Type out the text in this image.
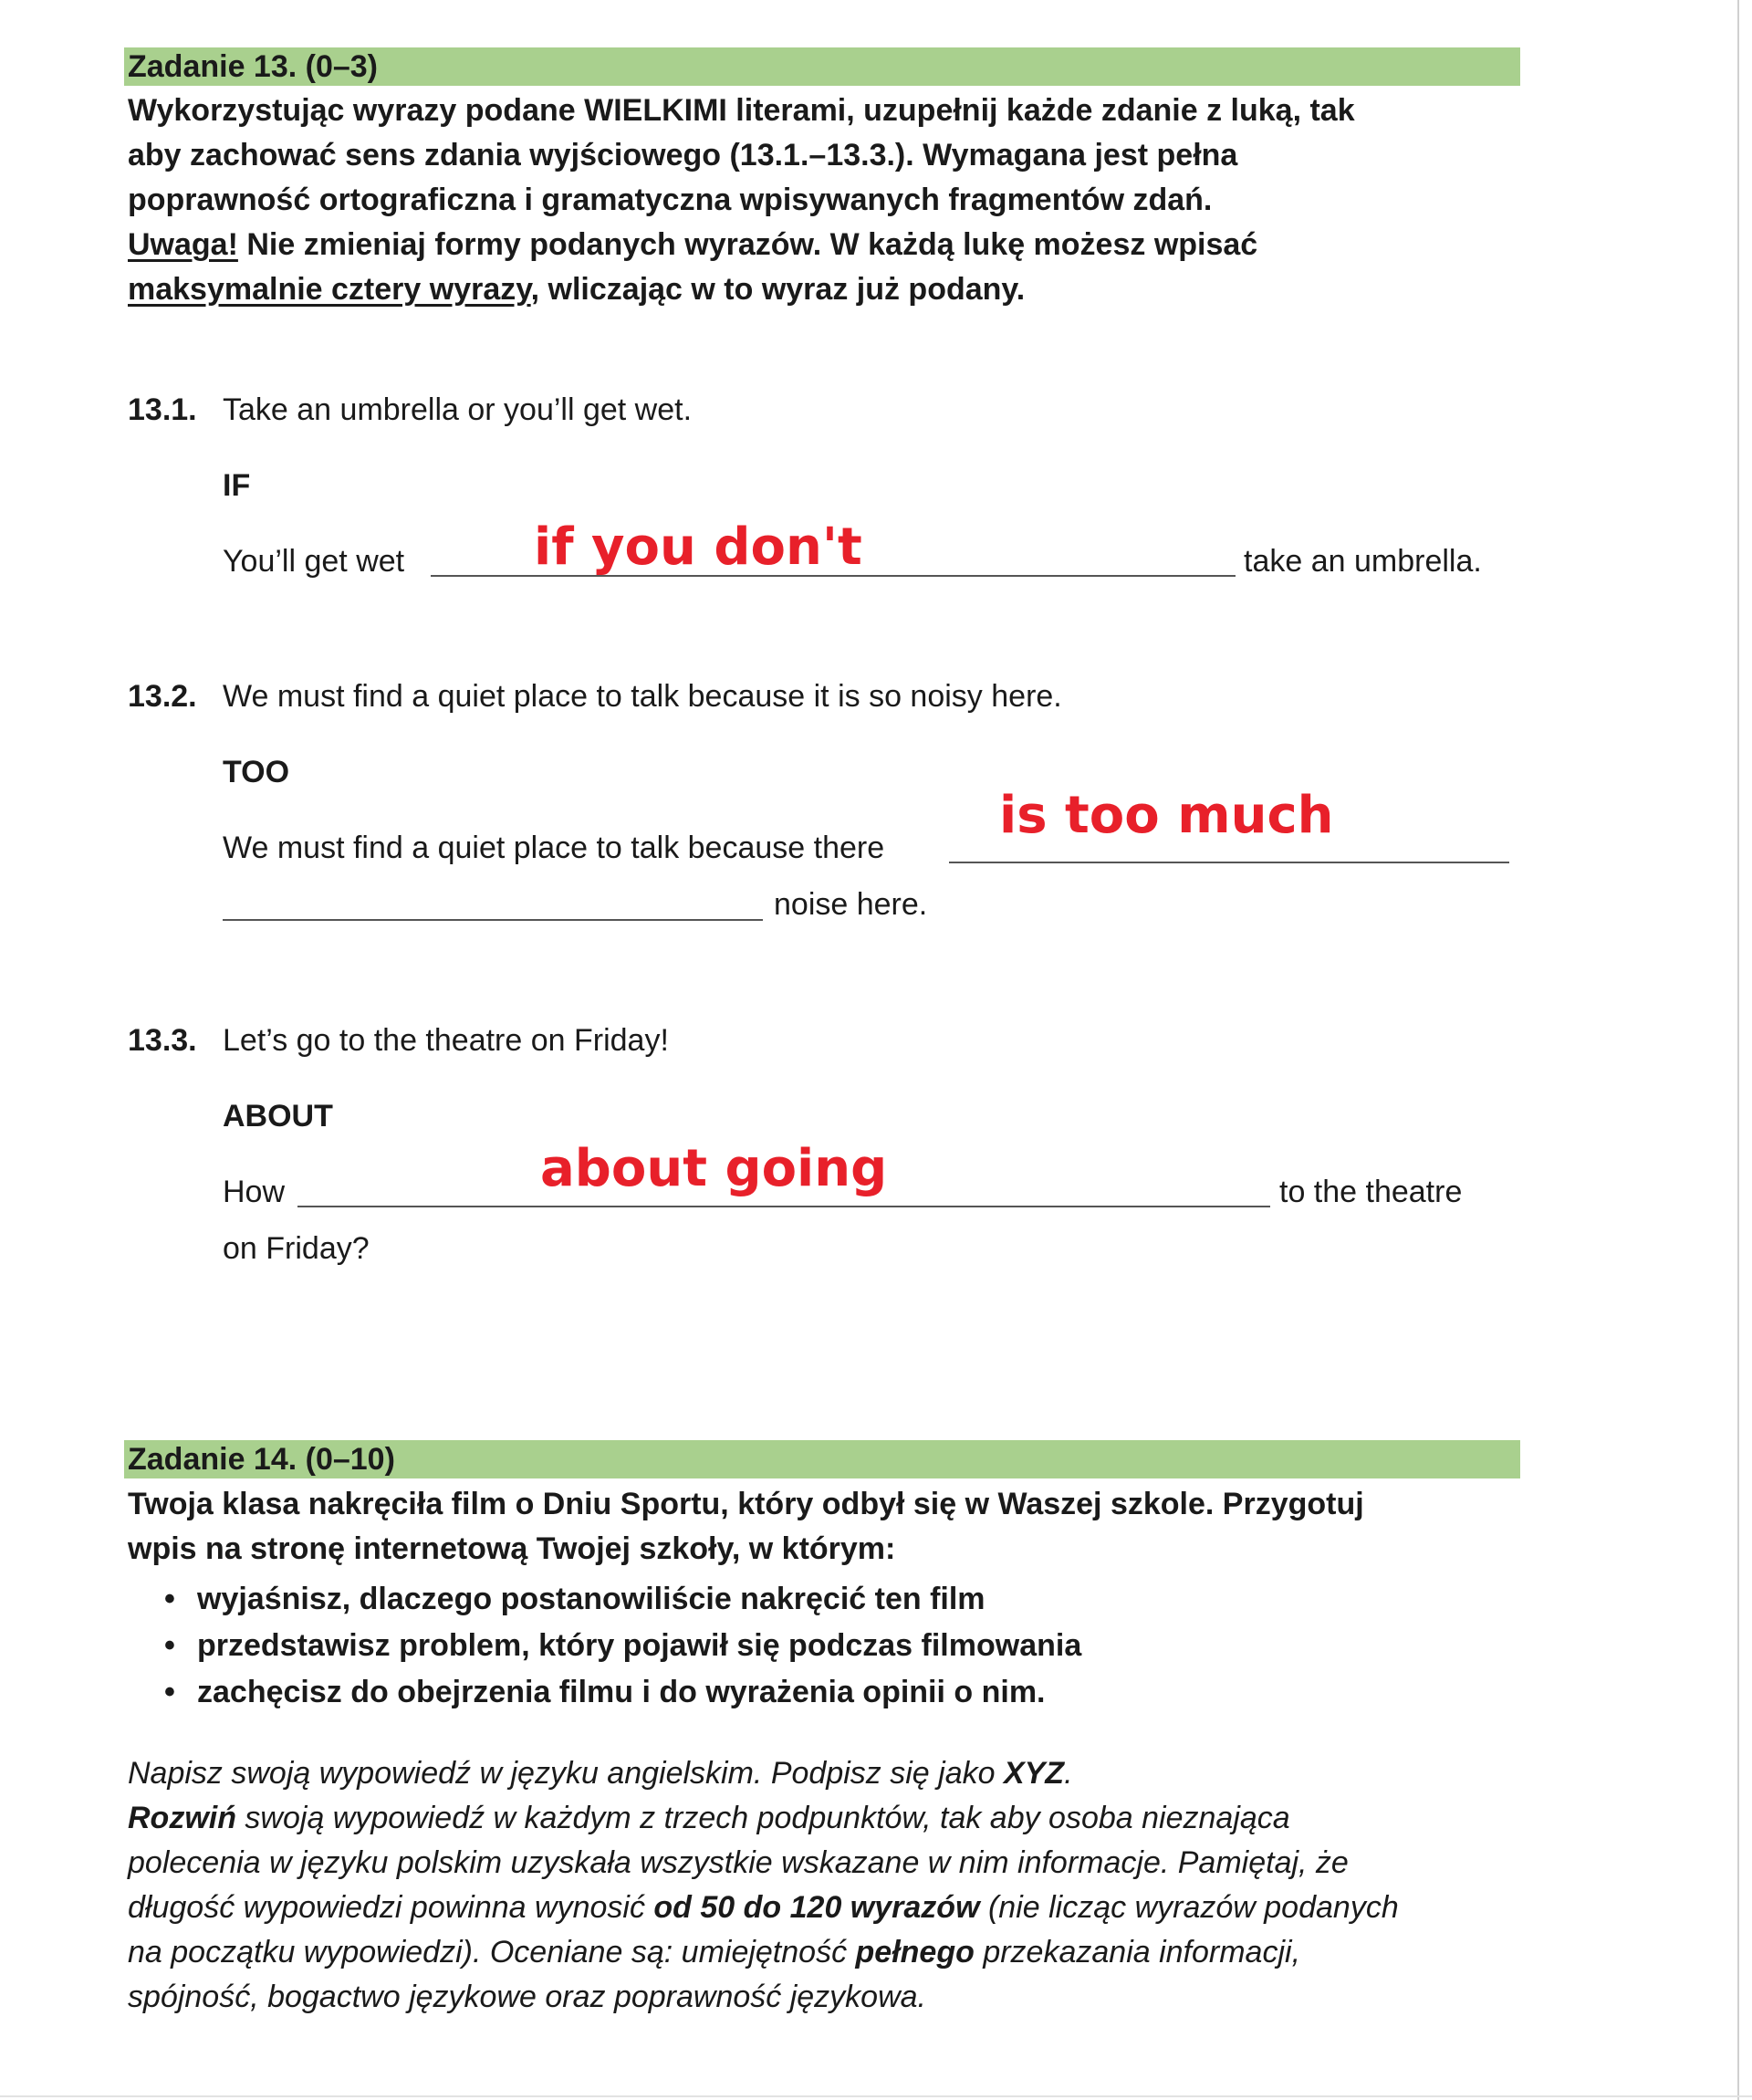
Zadanie 13. (0–3)
Wykorzystując wyrazy podane WIELKIMI literami, uzupełnij każde zdanie z luką, tak
aby zachować sens zdania wyjściowego (13.1.–13.3.). Wymagana jest pełna
poprawność ortograficzna i gramatyczna wpisywanych fragmentów zdań.
Uwaga! Nie zmieniaj formy podanych wyrazów. W każdą lukę możesz wpisać
maksymalnie cztery wyrazy, wliczając w to wyraz już podany.
13.1. Take an umbrella or you’ll get wet.
IF
You’ll get wet	if you don't	take an umbrella.
13.2. We must find a quiet place to talk because it is so noisy here.
TOO
We must find a quiet place to talk because there
is too much
noise here.
13.3. Let’s go to the theatre on Friday!
ABOUT
How	about going	to the theatre
on Friday?
Zadanie 14. (0–10)
Twoja klasa nakręciła film o Dniu Sportu, który odbył się w Waszej szkole. Przygotuj
wpis na stronę internetową Twojej szkoły, w którym:
• wyjaśnisz, dlaczego postanowiliście nakręcić ten film
• przedstawisz problem, który pojawił się podczas filmowania
• zachęcisz do obejrzenia filmu i do wyrażenia opinii o nim.
Napisz swoją wypowiedź w języku angielskim. Podpisz się jako XYZ.
Rozwiń swoją wypowiedź w każdym z trzech podpunktów, tak aby osoba nieznająca
polecenia w języku polskim uzyskała wszystkie wskazane w nim informacje. Pamiętaj, że
długość wypowiedzi powinna wynosić od 50 do 120 wyrazów (nie licząc wyrazów podanych
na początku wypowiedzi). Oceniane są: umiejętność pełnego przekazania informacji,
spójność, bogactwo językowe oraz poprawność językowa.
